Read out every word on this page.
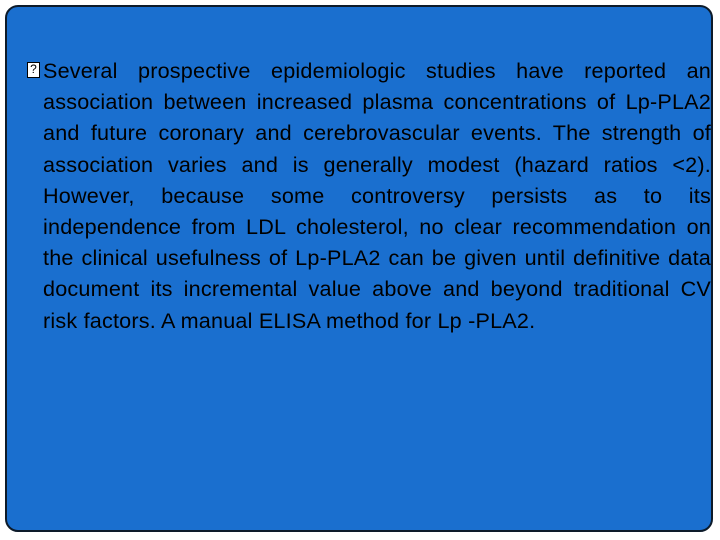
?
Several prospective epidemiologic studies have reported an association between increased plasma concentrations of Lp-PLA2 and future coronary and cerebrovascular events. The strength of association varies and is generally modest (hazard ratios <2). However, because some controversy persists as to its independence from LDL cholesterol, no clear recommendation on the clinical usefulness of Lp-PLA2 can be given until definitive data document its incremental value above and beyond traditional CV risk factors. A manual ELISA method for Lp -PLA2.
